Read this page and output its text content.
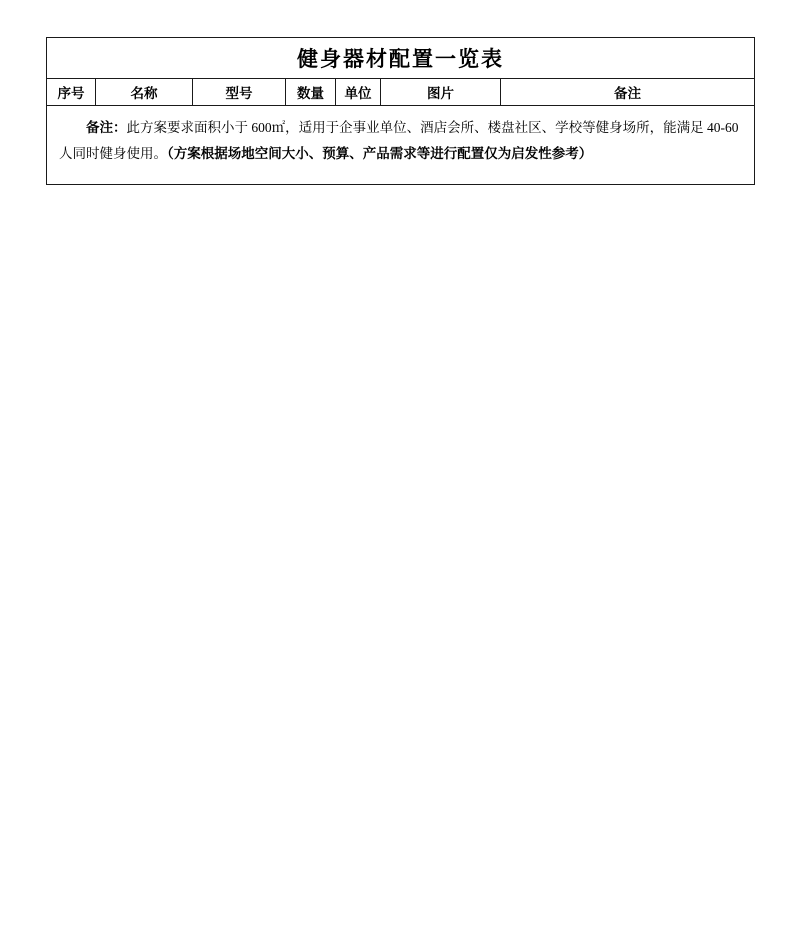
健身器材配置一览表
序号	名称	型号	数量	单位	图片	备注

备注：此方案要求面积小于 600㎡，适用于企事业单位、酒店会所、楼盘社区、学校等健身场所，能满足 40-60 人同时健身使用。（方案根据场地空间大小、预算、产品需求等进行配置仅为启发性参考）
